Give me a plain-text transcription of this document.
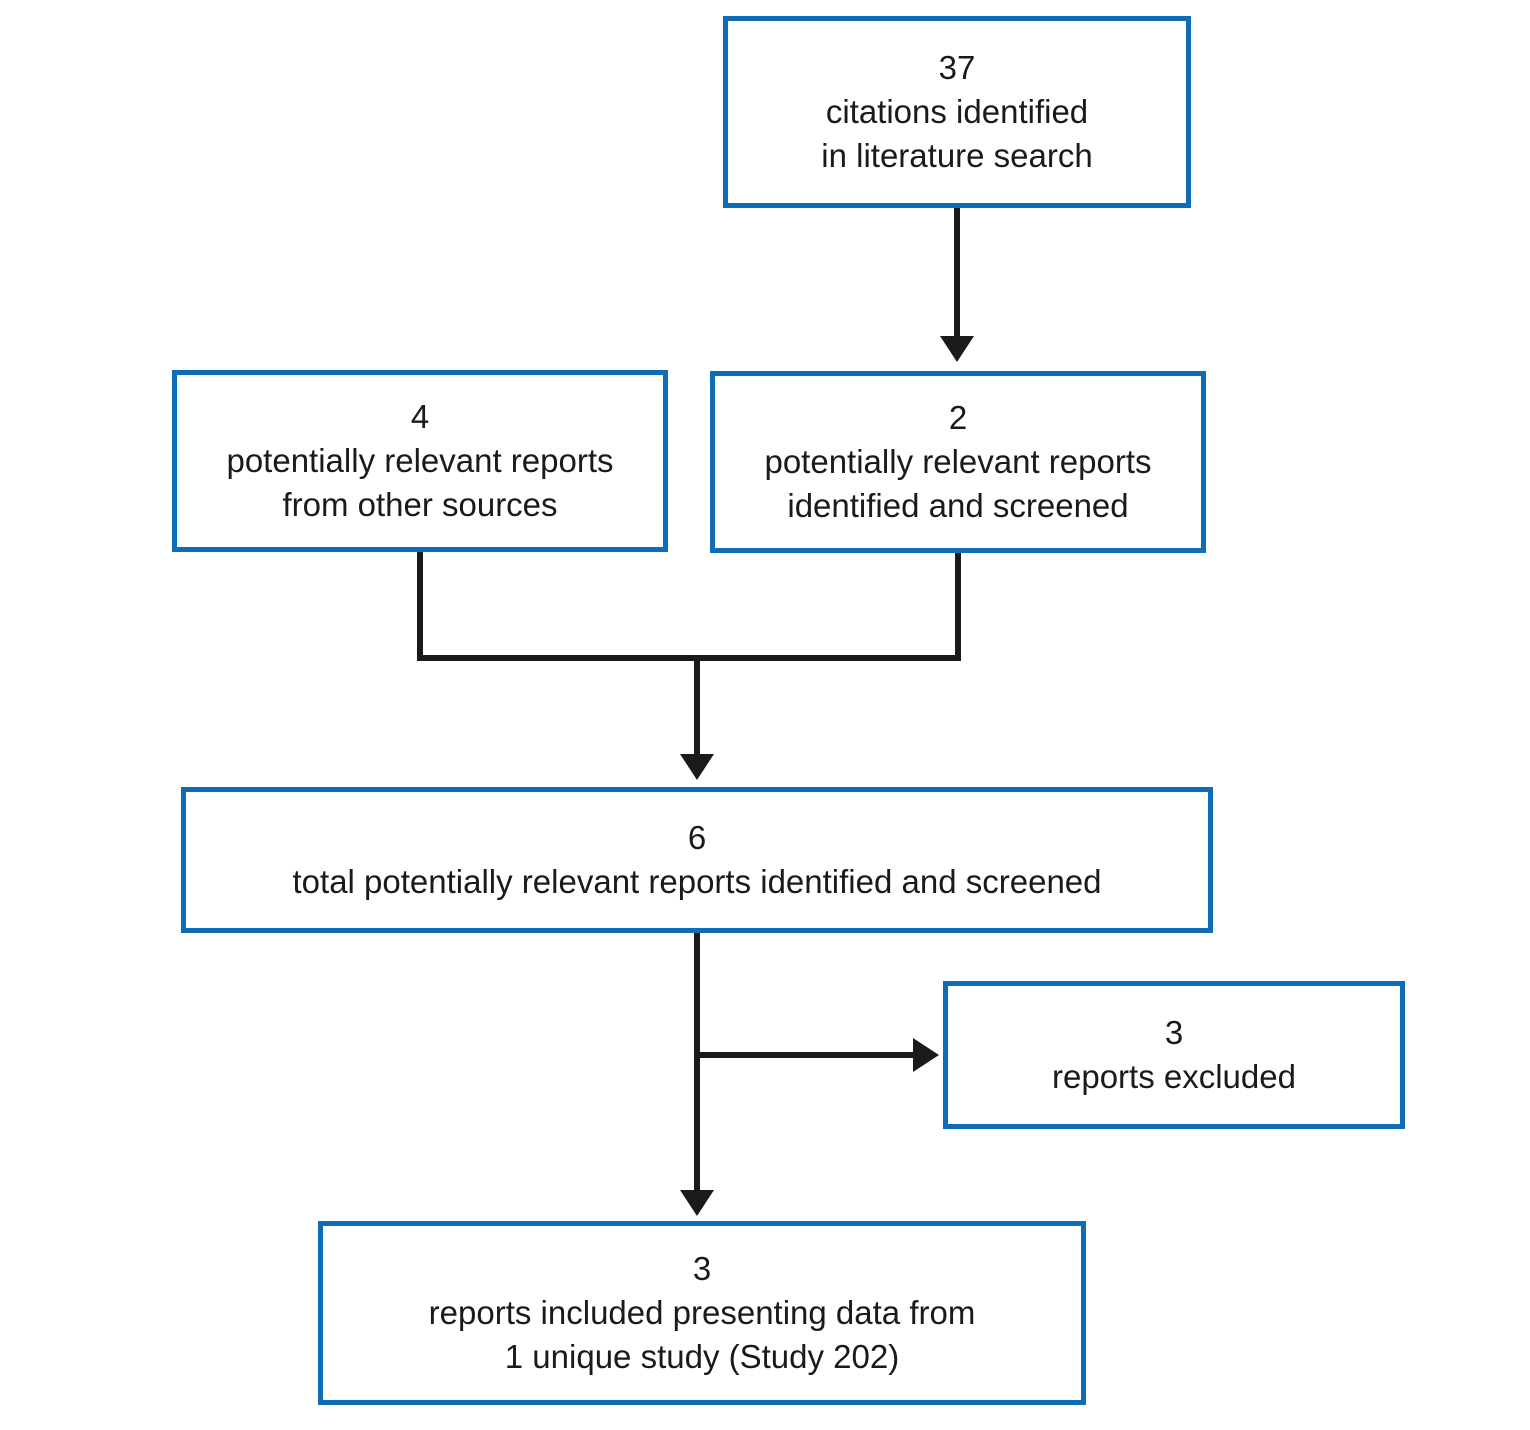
37
citations identified
in literature search
4
potentially relevant reports
from other sources
2
potentially relevant reports
identified and screened
6
total potentially relevant reports identified and screened
3
reports excluded
3
reports included presenting data from
1 unique study (Study 202)
